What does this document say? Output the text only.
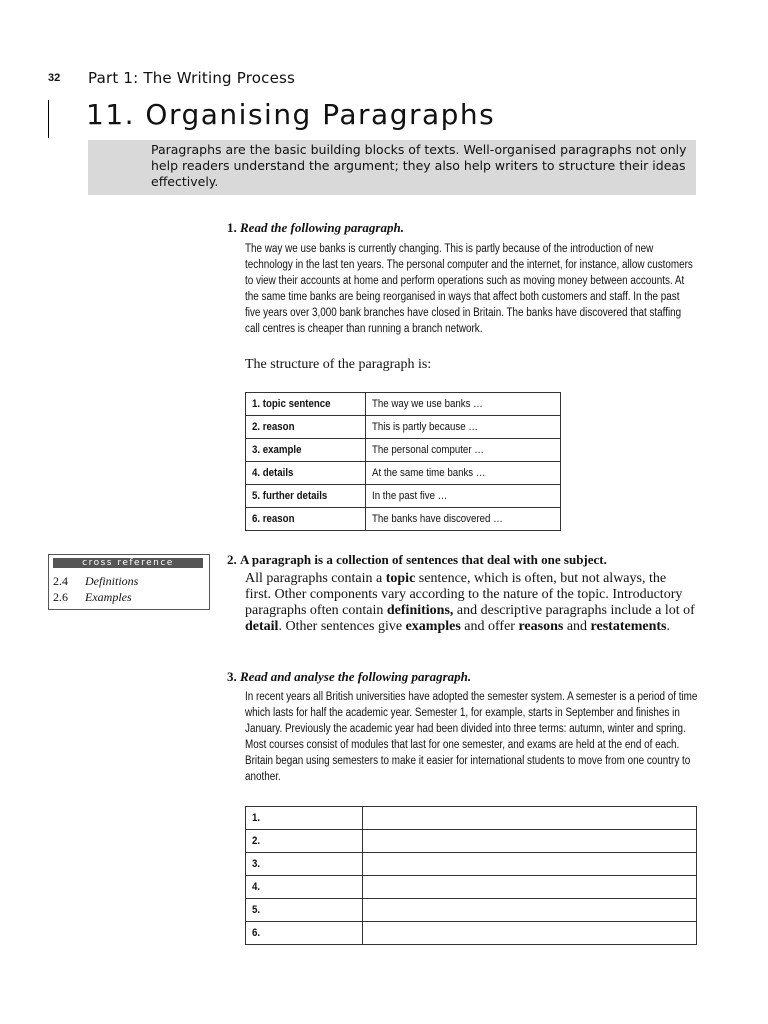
32 Part 1: The Writing Process
11. Organising Paragraphs
Paragraphs are the basic building blocks of texts. Well-organised paragraphs not only help readers understand the argument; they also help writers to structure their ideas effectively.
1. Read the following paragraph.
The way we use banks is currently changing. This is partly because of the introduction of new technology in the last ten years. The personal computer and the internet, for instance, allow customers to view their accounts at home and perform operations such as moving money between accounts. At the same time banks are being reorganised in ways that affect both customers and staff. In the past five years over 3,000 bank branches have closed in Britain. The banks have discovered that staffing call centres is cheaper than running a branch network.
The structure of the paragraph is:
1. topic sentence	The way we use banks …
2. reason	This is partly because …
3. example	The personal computer …
4. details	At the same time banks …
5. further details	In the past five …
6. reason	The banks have discovered …
cross reference
2.4 Definitions
2.6 Examples
2. A paragraph is a collection of sentences that deal with one subject.
All paragraphs contain a topic sentence, which is often, but not always, the first. Other components vary according to the nature of the topic. Introductory paragraphs often contain definitions, and descriptive paragraphs include a lot of detail. Other sentences give examples and offer reasons and restatements.
3. Read and analyse the following paragraph.
In recent years all British universities have adopted the semester system. A semester is a period of time which lasts for half the academic year. Semester 1, for example, starts in September and finishes in January. Previously the academic year had been divided into three terms: autumn, winter and spring. Most courses consist of modules that last for one semester, and exams are held at the end of each. Britain began using semesters to make it easier for international students to move from one country to another.
1.	
2.	
3.	
4.	
5.	
6.	
